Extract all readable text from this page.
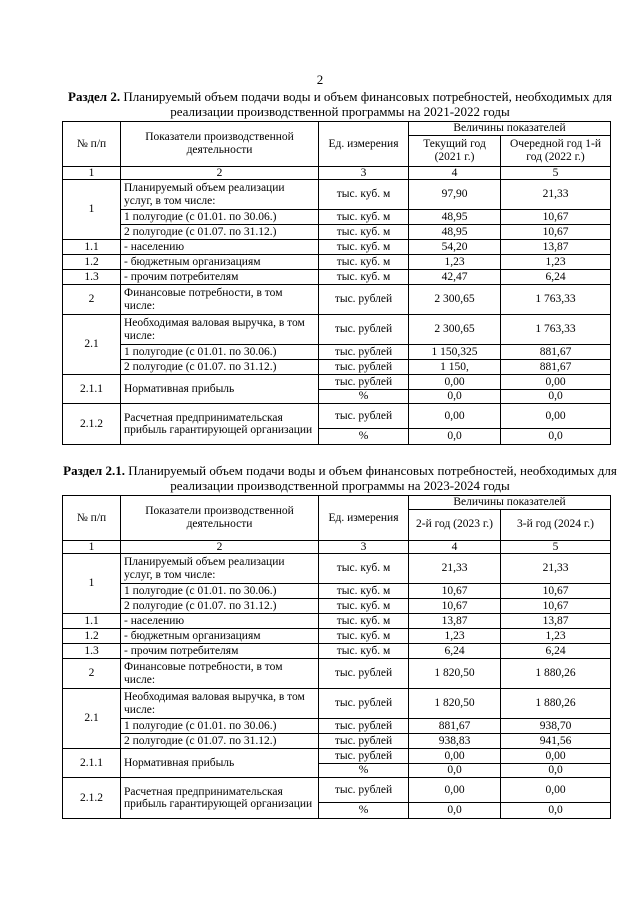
2
Раздел 2. Планируемый объем подачи воды и объем финансовых потребностей, необходимых для реализации производственной программы на 2021-2022 годы
№ п/п	Показатели производственной деятельности	Ед. измерения	Величины показателей	
			Текущий год (2021 г.)	Очередной год 1-й год (2022 г.)
1	2	3	4	5
1	Планируемый объем реализации услуг, в том числе:	тыс. куб. м	97,90	21,33
	1 полугодие (с 01.01. по 30.06.)	тыс. куб. м	48,95	10,67
	2 полугодие (с 01.07. по 31.12.)	тыс. куб. м	48,95	10,67
1.1	- населению	тыс. куб. м	54,20	13,87
1.2	- бюджетным организациям	тыс. куб. м	1,23	1,23
1.3	- прочим потребителям	тыс. куб. м	42,47	6,24
2	Финансовые потребности, в том числе:	тыс. рублей	2 300,65	1 763,33
2.1	Необходимая валовая выручка, в том числе:	тыс. рублей	2 300,65	1 763,33
	1 полугодие (с 01.01. по 30.06.)	тыс. рублей	1 150,325	881,67
	2 полугодие (с 01.07. по 31.12.)	тыс. рублей	1 150,	881,67
2.1.1	Нормативная прибыль	тыс. рублей	0,00	0,00
		%	0,0	0,0
2.1.2	Расчетная предпринимательская прибыль гарантирующей организации	тыс. рублей	0,00	0,00
		%	0,0	0,0
Раздел 2.1. Планируемый объем подачи воды и объем финансовых потребностей, необходимых для реализации производственной программы на 2023-2024 годы
№ п/п	Показатели производственной деятельности	Ед. измерения	Величины показателей	
			2-й год (2023 г.)	3-й год (2024 г.)
1	2	3	4	5
1	Планируемый объем реализации услуг, в том числе:	тыс. куб. м	21,33	21,33
	1 полугодие (с 01.01. по 30.06.)	тыс. куб. м	10,67	10,67
	2 полугодие (с 01.07. по 31.12.)	тыс. куб. м	10,67	10,67
1.1	- населению	тыс. куб. м	13,87	13,87
1.2	- бюджетным организациям	тыс. куб. м	1,23	1,23
1.3	- прочим потребителям	тыс. куб. м	6,24	6,24
2	Финансовые потребности, в том числе:	тыс. рублей	1 820,50	1 880,26
2.1	Необходимая валовая выручка, в том числе:	тыс. рублей	1 820,50	1 880,26
	1 полугодие (с 01.01. по 30.06.)	тыс. рублей	881,67	938,70
	2 полугодие (с 01.07. по 31.12.)	тыс. рублей	938,83	941,56
2.1.1	Нормативная прибыль	тыс. рублей	0,00	0,00
		%	0,0	0,0
2.1.2	Расчетная предпринимательская прибыль гарантирующей организации	тыс. рублей	0,00	0,00
		%	0,0	0,0
